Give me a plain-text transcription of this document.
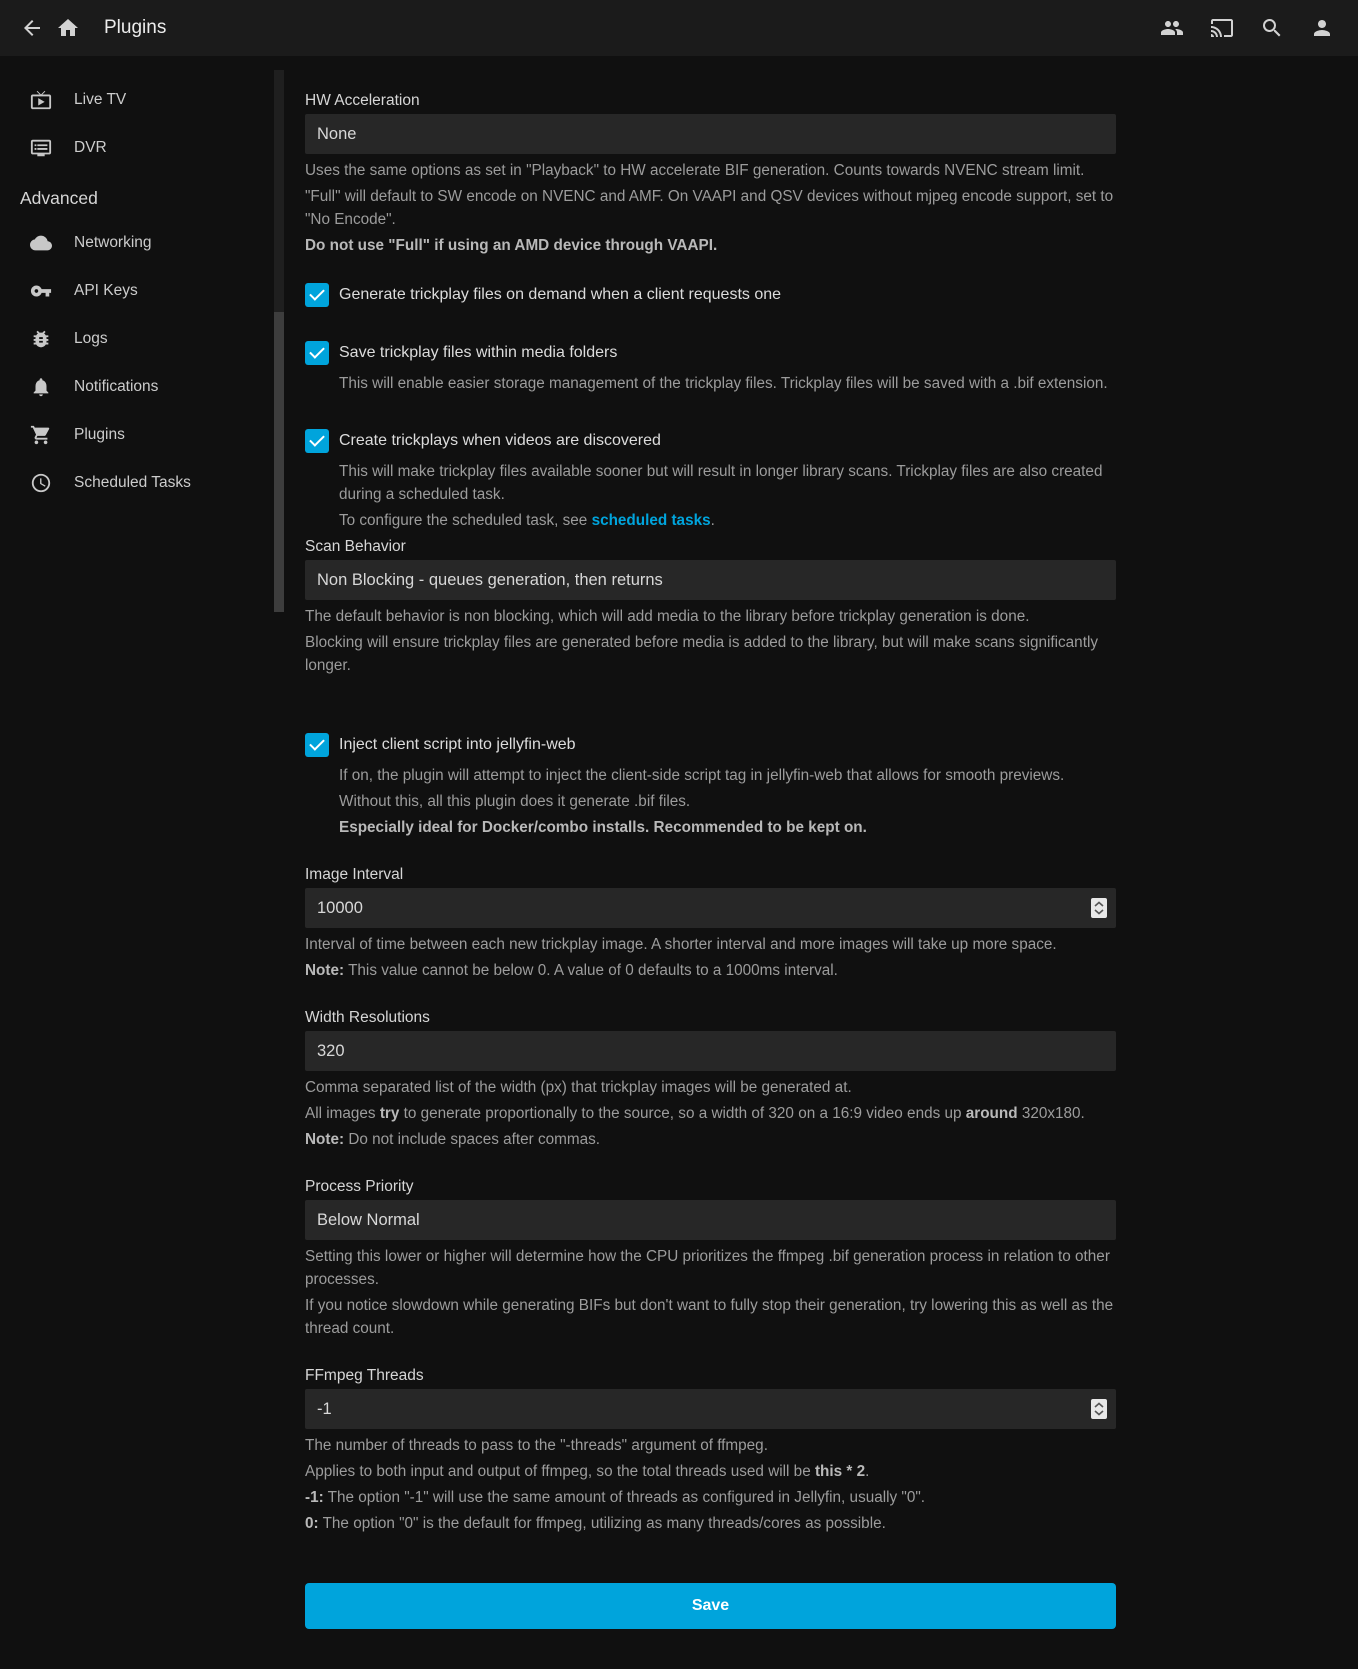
Plugins
Live TV
DVR
Advanced
Networking
API Keys
Logs
Notifications
Plugins
Scheduled Tasks
HW Acceleration
None

Uses the same options as set in "Playback" to HW accelerate BIF generation. Counts towards NVENC stream limit.

"Full" will default to SW encode on NVENC and AMF. On VAAPI and QSV devices without mjpeg encode support, set to "No Encode".

Do not use "Full" if using an AMD device through VAAPI.

Generate trickplay files on demand when a client requests one
Save trickplay files within media folders

This will enable easier storage management of the trickplay files. Trickplay files will be saved with a .bif extension.

Create trickplays when videos are discovered

This will make trickplay files available sooner but will result in longer library scans. Trickplay files are also created during a scheduled task.

To configure the scheduled task, see scheduled tasks.

Scan Behavior
Non Blocking - queues generation, then returns

The default behavior is non blocking, which will add media to the library before trickplay generation is done.

Blocking will ensure trickplay files are generated before media is added to the library, but will make scans significantly longer.

Inject client script into jellyfin-web

If on, the plugin will attempt to inject the client-side script tag in jellyfin-web that allows for smooth previews.

Without this, all this plugin does it generate .bif files.

Especially ideal for Docker/combo installs. Recommended to be kept on.

Image Interval
10000

Interval of time between each new trickplay image. A shorter interval and more images will take up more space.

Note: This value cannot be below 0. A value of 0 defaults to a 1000ms interval.

Width Resolutions
320

Comma separated list of the width (px) that trickplay images will be generated at.

All images try to generate proportionally to the source, so a width of 320 on a 16:9 video ends up around 320x180.

Note: Do not include spaces after commas.

Process Priority
Below Normal

Setting this lower or higher will determine how the CPU prioritizes the ffmpeg .bif generation process in relation to other processes.

If you notice slowdown while generating BIFs but don't want to fully stop their generation, try lowering this as well as the thread count.

FFmpeg Threads
-1

The number of threads to pass to the "-threads" argument of ffmpeg.

Applies to both input and output of ffmpeg, so the total threads used will be this * 2.

-1: The option "-1" will use the same amount of threads as configured in Jellyfin, usually "0".

0: The option "0" is the default for ffmpeg, utilizing as many threads/cores as possible.

Save
